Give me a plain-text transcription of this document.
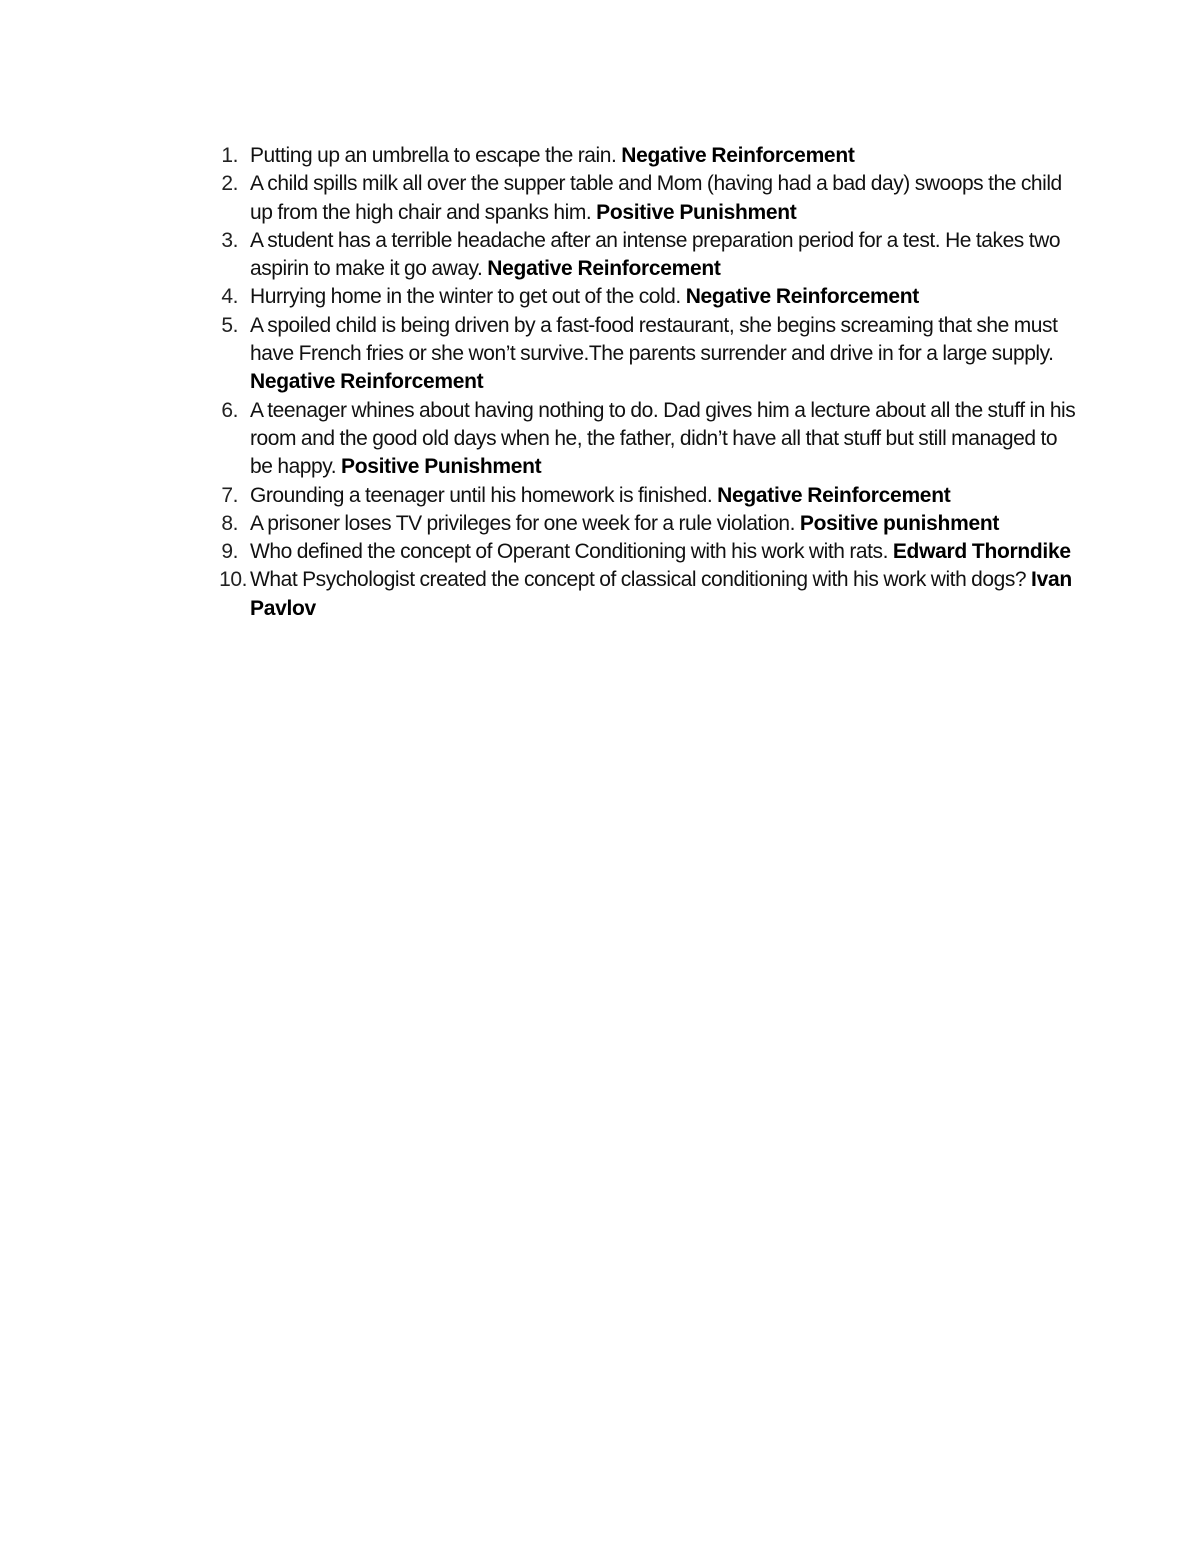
1. Putting up an umbrella to escape the rain. Negative Reinforcement
2. A child spills milk all over the supper table and Mom (having had a bad day) swoops the child up from the high chair and spanks him. Positive Punishment
3. A student has a terrible headache after an intense preparation period for a test. He takes two aspirin to make it go away. Negative Reinforcement
4. Hurrying home in the winter to get out of the cold. Negative Reinforcement
5. A spoiled child is being driven by a fast-food restaurant, she begins screaming that she must have French fries or she won’t survive.The parents surrender and drive in for a large supply. Negative Reinforcement
6. A teenager whines about having nothing to do. Dad gives him a lecture about all the stuff in his room and the good old days when he, the father, didn’t have all that stuff but still managed to be happy. Positive Punishment
7. Grounding a teenager until his homework is finished. Negative Reinforcement
8. A prisoner loses TV privileges for one week for a rule violation. Positive punishment
9. Who defined the concept of Operant Conditioning with his work with rats. Edward Thorndike
10. What Psychologist created the concept of classical conditioning with his work with dogs? Ivan Pavlov
